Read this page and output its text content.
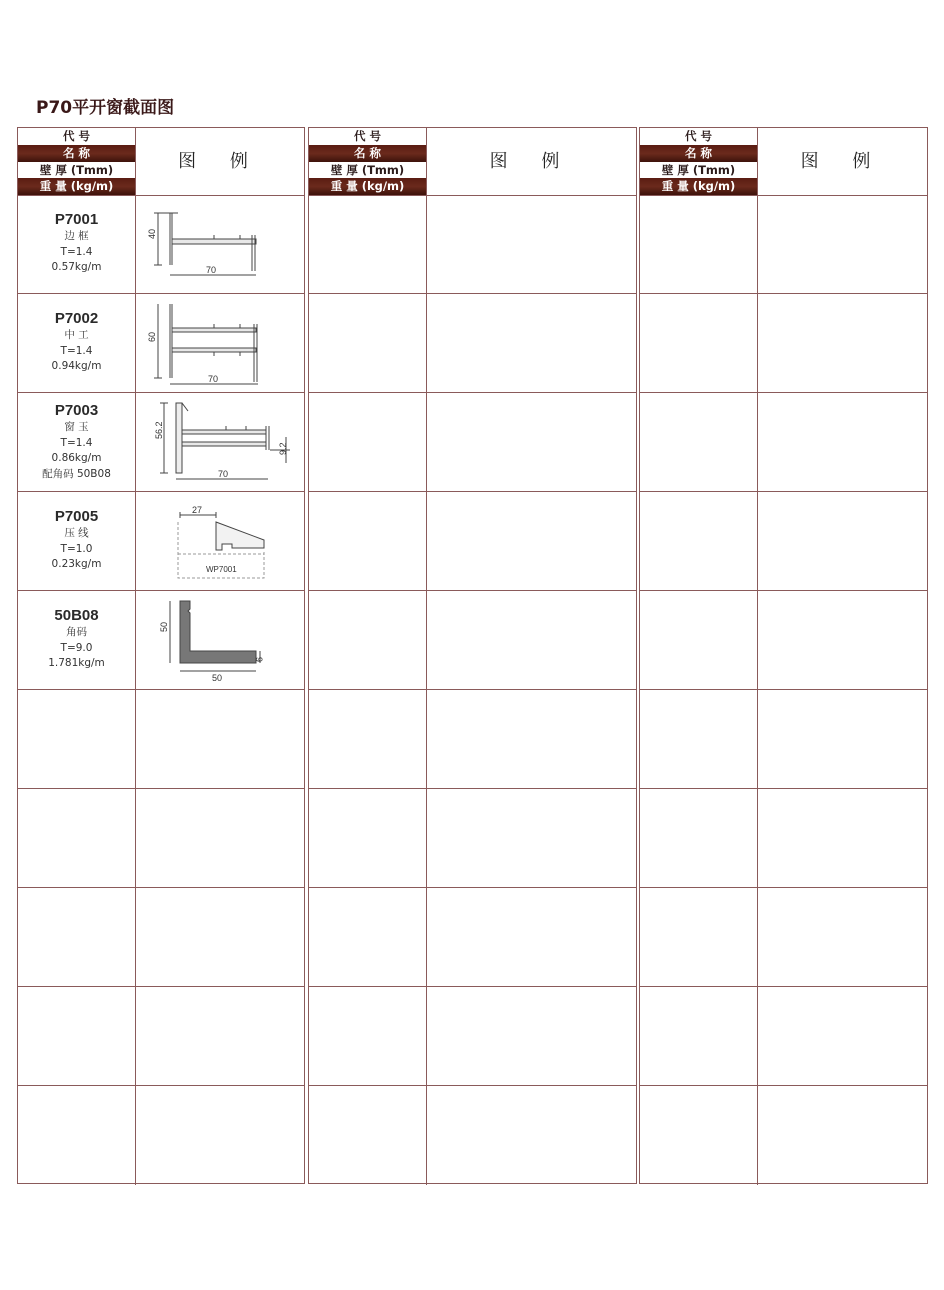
P70平开窗截面图
代 号
名 称
壁 厚 (Tmm)
重 量 (kg/m)
图 例
P7001
边 框
T=1.4
0.57kg/m
40
70
P7002
中 工
T=1.4
0.94kg/m
60
70
P7003
窗 玉
T=1.4
0.86kg/m
配角码 50B08
56.2
70
9.2
P7005
压 线
T=1.0
0.23kg/m
27
WP7001
50B08
角码
T=9.0
1.781kg/m
50
50
9
代 号
名 称
壁 厚 (Tmm)
重 量 (kg/m)
图 例
代 号
名 称
壁 厚 (Tmm)
重 量 (kg/m)
图 例
